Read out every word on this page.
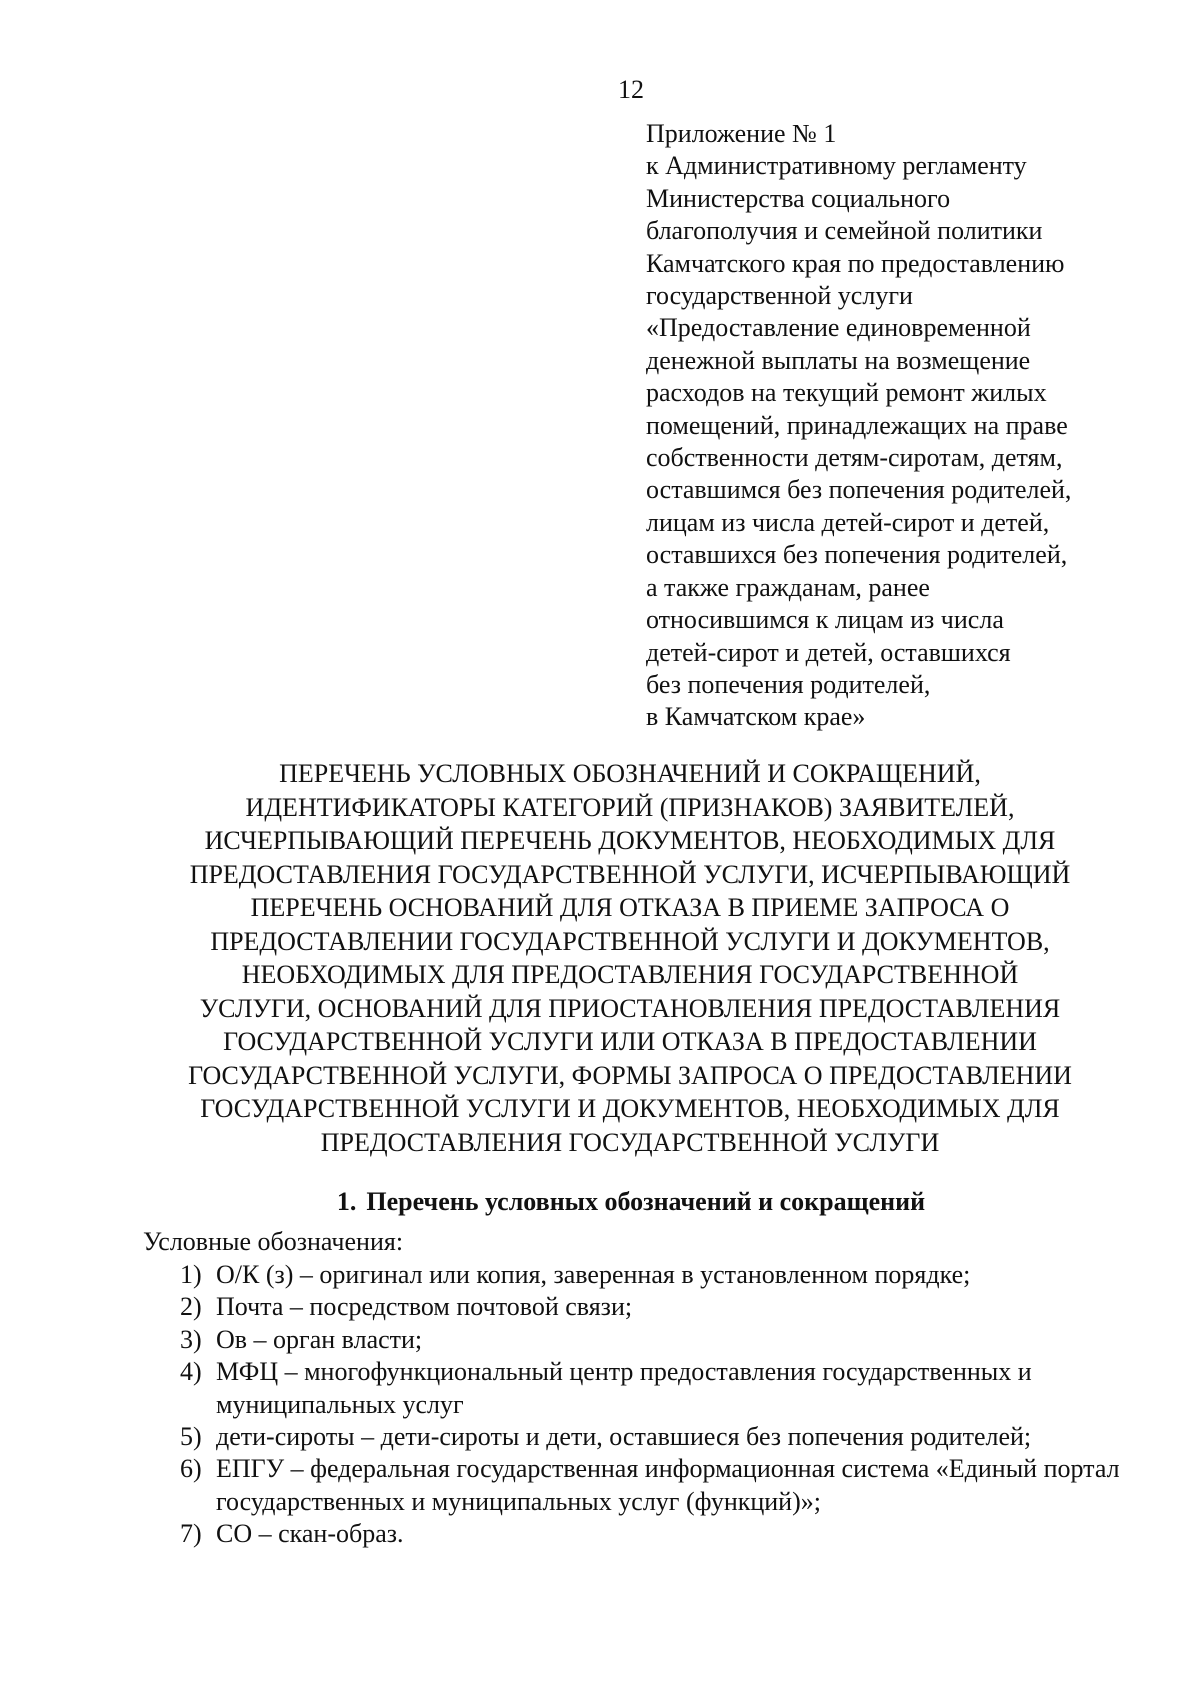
12
Приложение № 1
к Административному регламенту
Министерства социального
благополучия и семейной политики
Камчатского края по предоставлению
государственной услуги
«Предоставление единовременной
денежной выплаты на возмещение
расходов на текущий ремонт жилых
помещений, принадлежащих на праве
собственности детям-сиротам, детям,
оставшимся без попечения родителей,
лицам из числа детей-сирот и детей,
оставшихся без попечения родителей,
а также гражданам, ранее
относившимся к лицам из числа
детей-сирот и детей, оставшихся
без попечения родителей,
в Камчатском крае»
ПЕРЕЧЕНЬ УСЛОВНЫХ ОБОЗНАЧЕНИЙ И СОКРАЩЕНИЙ,
ИДЕНТИФИКАТОРЫ КАТЕГОРИЙ (ПРИЗНАКОВ) ЗАЯВИТЕЛЕЙ,
ИСЧЕРПЫВАЮЩИЙ ПЕРЕЧЕНЬ ДОКУМЕНТОВ, НЕОБХОДИМЫХ ДЛЯ
ПРЕДОСТАВЛЕНИЯ ГОСУДАРСТВЕННОЙ УСЛУГИ, ИСЧЕРПЫВАЮЩИЙ
ПЕРЕЧЕНЬ ОСНОВАНИЙ ДЛЯ ОТКАЗА В ПРИЕМЕ ЗАПРОСА О
ПРЕДОСТАВЛЕНИИ ГОСУДАРСТВЕННОЙ УСЛУГИ И ДОКУМЕНТОВ,
НЕОБХОДИМЫХ ДЛЯ ПРЕДОСТАВЛЕНИЯ ГОСУДАРСТВЕННОЙ
УСЛУГИ, ОСНОВАНИЙ ДЛЯ ПРИОСТАНОВЛЕНИЯ ПРЕДОСТАВЛЕНИЯ
ГОСУДАРСТВЕННОЙ УСЛУГИ ИЛИ ОТКАЗА В ПРЕДОСТАВЛЕНИИ
ГОСУДАРСТВЕННОЙ УСЛУГИ, ФОРМЫ ЗАПРОСА О ПРЕДОСТАВЛЕНИИ
ГОСУДАРСТВЕННОЙ УСЛУГИ И ДОКУМЕНТОВ, НЕОБХОДИМЫХ ДЛЯ
ПРЕДОСТАВЛЕНИЯ ГОСУДАРСТВЕННОЙ УСЛУГИ
1. Перечень условных обозначений и сокращений
Условные обозначения:
1) О/К (з) – оригинал или копия, заверенная в установленном порядке;
2) Почта – посредством почтовой связи;
3) Ов – орган власти;
4) МФЦ – многофункциональный центр предоставления государственных и муниципальных услуг
5) дети-сироты – дети-сироты и дети, оставшиеся без попечения родителей;
6) ЕПГУ – федеральная государственная информационная система «Единый портал государственных и муниципальных услуг (функций)»;
7) СО – скан-образ.
